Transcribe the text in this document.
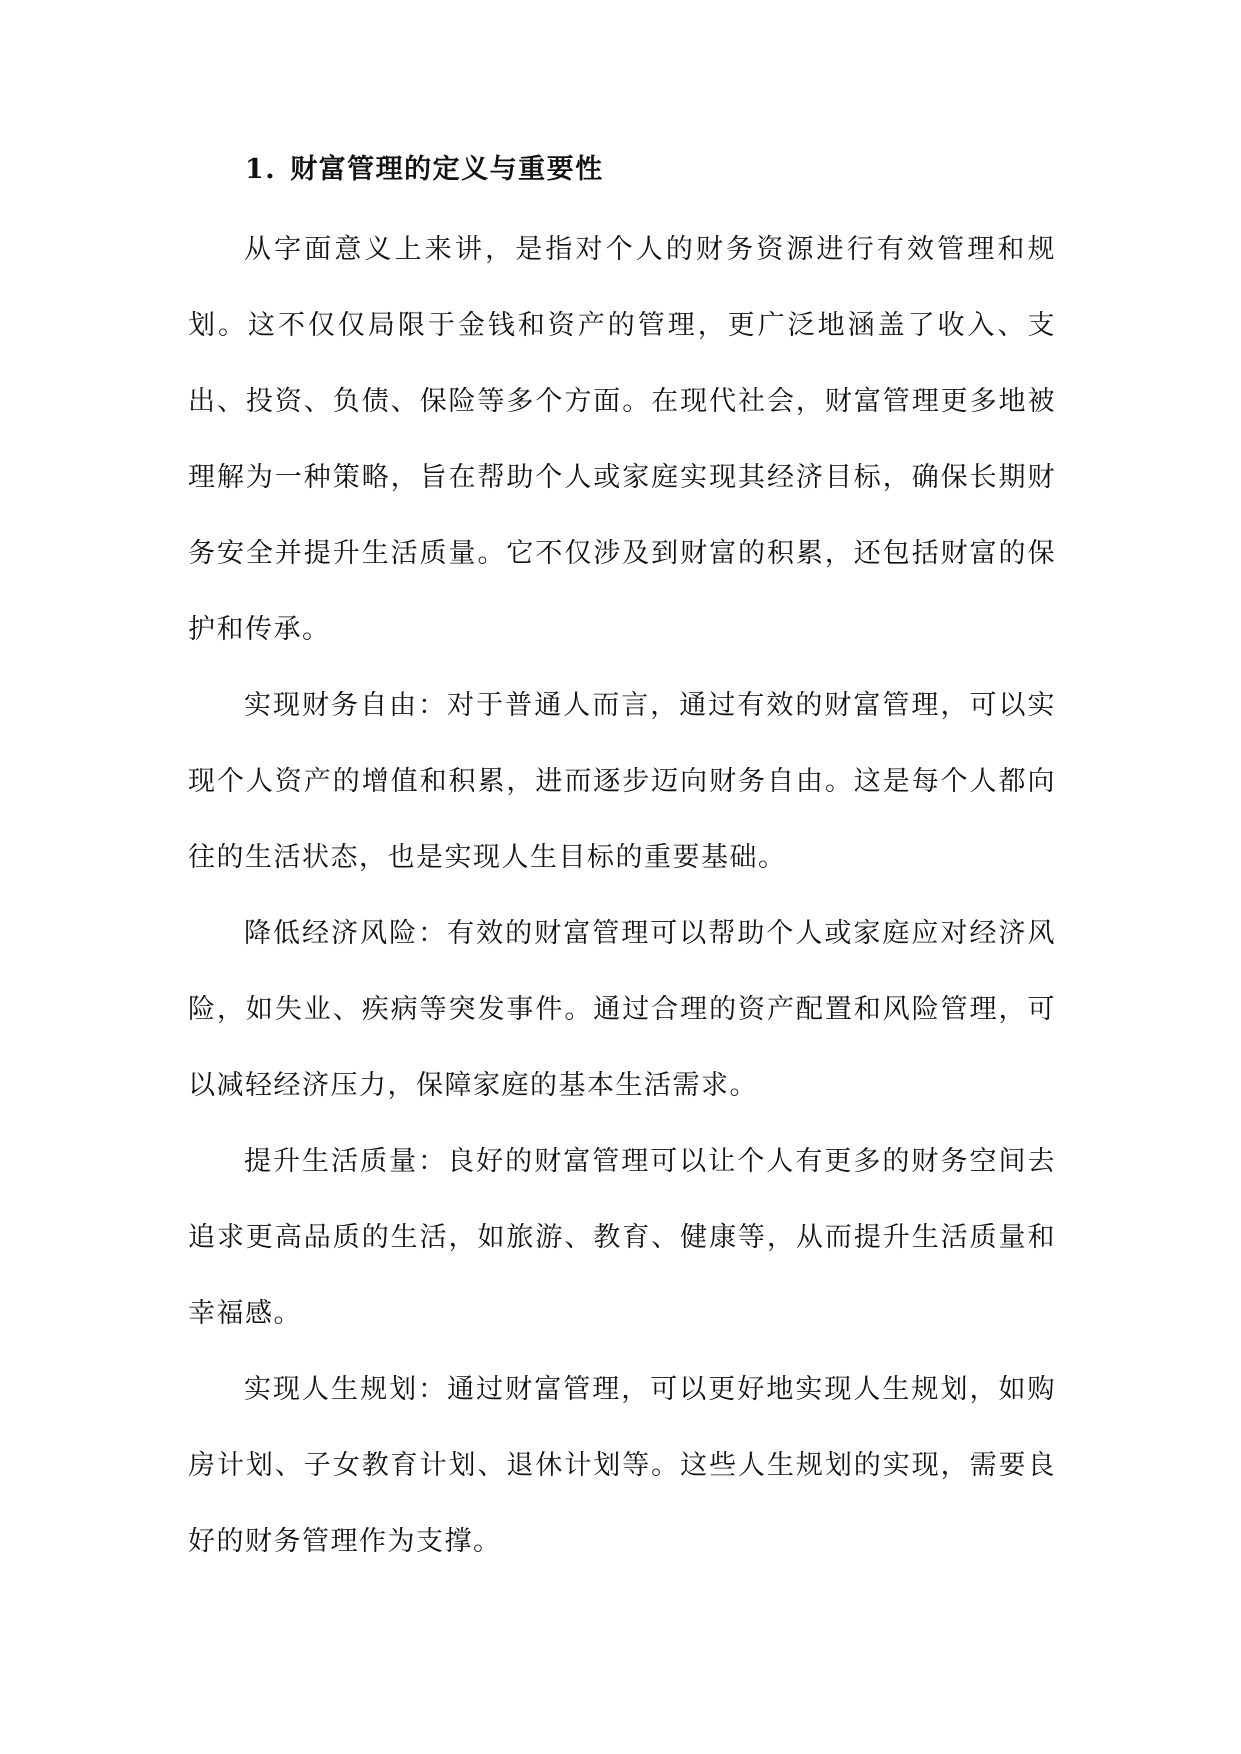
1. 财富管理的定义与重要性

从字面意义上来讲，是指对个人的财务资源进行有效管理和规划。这不仅仅局限于金钱和资产的管理，更广泛地涵盖了收入、支出、投资、负债、保险等多个方面。在现代社会，财富管理更多地被理解为一种策略，旨在帮助个人或家庭实现其经济目标，确保长期财务安全并提升生活质量。它不仅涉及到财富的积累，还包括财富的保护和传承。

实现财务自由：对于普通人而言，通过有效的财富管理，可以实现个人资产的增值和积累，进而逐步迈向财务自由。这是每个人都向往的生活状态，也是实现人生目标的重要基础。

降低经济风险：有效的财富管理可以帮助个人或家庭应对经济风险，如失业、疾病等突发事件。通过合理的资产配置和风险管理，可以减轻经济压力，保障家庭的基本生活需求。

提升生活质量：良好的财富管理可以让个人有更多的财务空间去追求更高品质的生活，如旅游、教育、健康等，从而提升生活质量和幸福感。

实现人生规划：通过财富管理，可以更好地实现人生规划，如购房计划、子女教育计划、退休计划等。这些人生规划的实现，需要良好的财务管理作为支撑。
